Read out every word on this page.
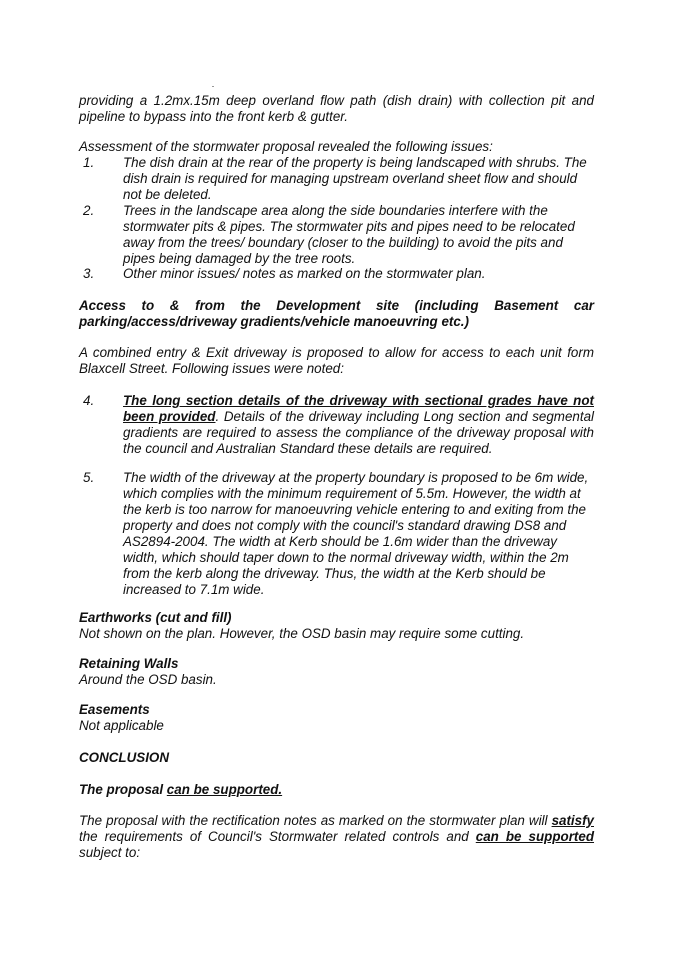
providing a 1.2mx.15m deep overland flow path (dish drain) with collection pit and pipeline to bypass into the front kerb & gutter.

Assessment of the stormwater proposal revealed the following issues:

1. The dish drain at the rear of the property is being landscaped with shrubs. The dish drain is required for managing upstream overland sheet flow and should not be deleted.
2. Trees in the landscape area along the side boundaries interfere with the stormwater pits & pipes. The stormwater pits and pipes need to be relocated away from the trees/ boundary (closer to the building) to avoid the pits and pipes being damaged by the tree roots.
3. Other minor issues/ notes as marked on the stormwater plan.
Access to & from the Development site (including Basement car
parking/access/driveway gradients/vehicle manoeuvring etc.)

A combined entry & Exit driveway is proposed to allow for access to each unit form Blaxcell Street. Following issues were noted:

4. The long section details of the driveway with sectional grades have not been provided. Details of the driveway including Long section and segmental gradients are required to assess the compliance of the driveway proposal with the council and Australian Standard these details are required.
5. The width of the driveway at the property boundary is proposed to be 6m wide, which complies with the minimum requirement of 5.5m. However, the width at the kerb is too narrow for manoeuvring vehicle entering to and exiting from the property and does not comply with the council's standard drawing DS8 and AS2894-2004. The width at Kerb should be 1.6m wider than the driveway width, which should taper down to the normal driveway width, within the 2m from the kerb along the driveway. Thus, the width at the Kerb should be increased to 7.1m wide.
Earthworks (cut and fill)
Not shown on the plan. However, the OSD basin may require some cutting.
Retaining Walls
Around the OSD basin.
Easements
Not applicable
CONCLUSION
The proposal can be supported.

The proposal with the rectification notes as marked on the stormwater plan will satisfy the requirements of Council's Stormwater related controls and can be supported subject to:
